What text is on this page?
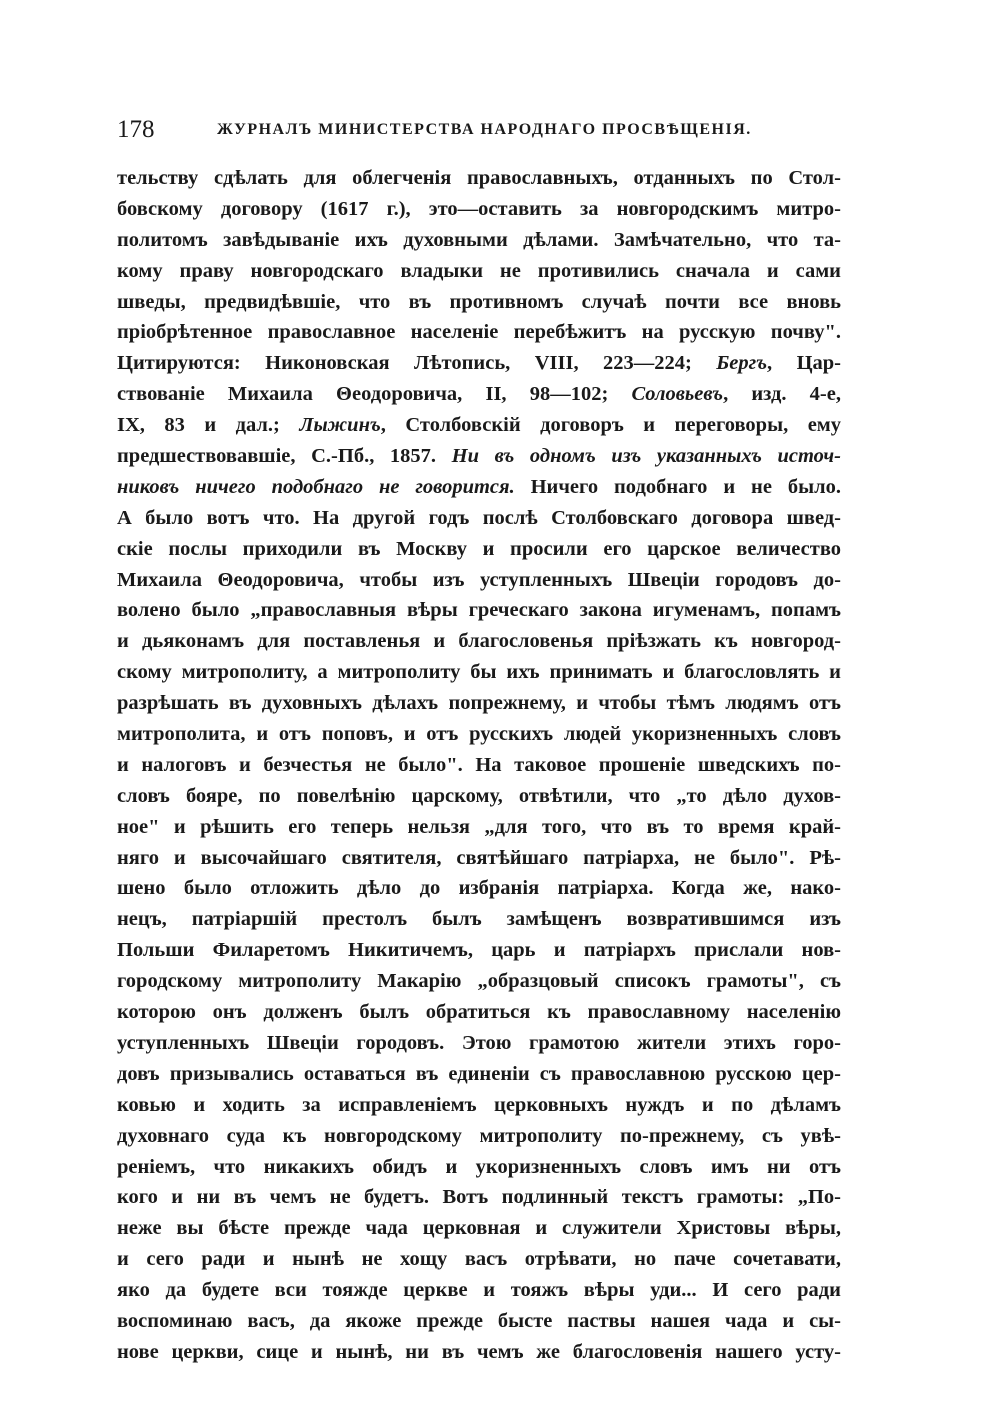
178	ЖУРНАЛЪ МИНИСТЕРСТВА НАРОДНАГО ПРОСВѢЩЕНІЯ.
тельству сдѣлать для облегченія православныхъ, отданныхъ по Стол-
бовскому договору (1617 г.), это—оставить за новгородскимъ митро-
политомъ завѣдываніе ихъ духовными дѣлами. Замѣчательно, что та-
кому праву новгородскаго владыки не противились сначала и сами
шведы, предвидѣвшіе, что въ противномъ случаѣ почти все вновь
пріобрѣтенное православное населеніе перебѣжитъ на русскую почву".
Цитируются: Никоновская Лѣтопись, VIII, 223—224; Бергъ, Цар-
ствованіе Михаила Θеодоровича, II, 98—102; Соловьевъ, изд. 4-е,
IX, 83 и дал.; Лыжинъ, Столбовскій договоръ и переговоры, ему
предшествовавшіе, С.-Пб., 1857. Ни въ одномъ изъ указанныхъ источ-
никовъ ничего подобнаго не говорится. Ничего подобнаго и не было.
А было вотъ что. На другой годъ послѣ Столбовскаго договора швед-
скіе послы приходили въ Москву и просили его царское величество
Михаила Θеодоровича, чтобы изъ уступленныхъ Швеціи городовъ до-
волено было „православныя вѣры греческаго закона игуменамъ, попамъ
и дьяконамъ для поставленья и благословенья пріѣзжать къ новгород-
скому митрополиту, а митрополиту бы ихъ принимать и благословлять и
разрѣшать въ духовныхъ дѣлахъ попрежнему, и чтобы тѣмъ людямъ отъ
митрополита, и отъ поповъ, и отъ русскихъ людей укоризненныхъ словъ
и налоговъ и безчестья не было". На таковое прошеніе шведскихъ по-
словъ бояре, по повелѣнію царскому, отвѣтили, что „то дѣло духов-
ное" и рѣшить его теперь нельзя „для того, что въ то время край-
няго и высочайшаго святителя, святѣйшаго патріарха, не было". Рѣ-
шено было отложить дѣло до избранія патріарха. Когда же, нако-
нецъ, патріаршій престолъ былъ замѣщенъ возвратившимся изъ
Польши Филаретомъ Никитичемъ, царь и патріархъ прислали нов-
городскому митрополиту Макарію „образцовый списокъ грамоты", съ
которою онъ долженъ былъ обратиться къ православному населенію
уступленныхъ Швеціи городовъ. Этою грамотою жители этихъ горо-
довъ призывались оставаться въ единеніи съ православною русскою цер-
ковью и ходить за исправленіемъ церковныхъ нуждъ и по дѣламъ
духовнаго суда къ новгородскому митрополиту по-прежнему, съ увѣ-
реніемъ, что никакихъ обидъ и укоризненныхъ словъ имъ ни отъ
кого и ни въ чемъ не будетъ. Вотъ подлинный текстъ грамоты: „По-
неже вы бѣсте прежде чада церковная и служители Христовы вѣры,
и сего ради и нынѣ не хощу васъ отрѣвати, но паче сочетавати,
яко да будете вси тояжде церкве и тояжъ вѣры уди... И сего ради
воспоминаю васъ, да якоже прежде бысте паствы нашея чада и сы-
нове церкви, сице и нынѣ, ни въ чемъ же благословенія нашего усту-
